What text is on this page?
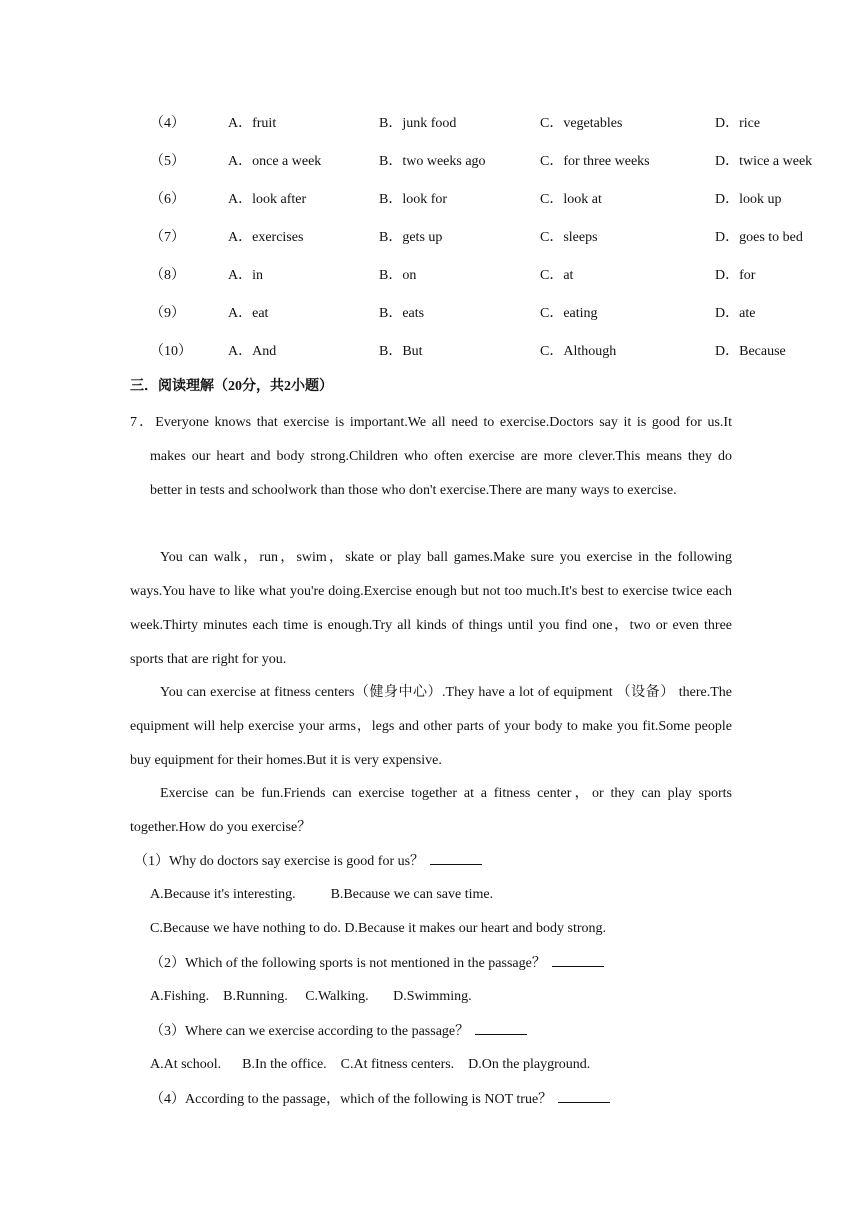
（4）	A．fruit	B．junk food	C．vegetables	D．rice
（5）	A．once a week	B．two weeks ago	C．for three weeks	D．twice a week
（6）	A．look after	B．look for	C．look at	D．look up
（7）	A．exercises	B．gets up	C．sleeps	D．goes to bed
（8）	A．in	B．on	C．at	D．for
（9）	A．eat	B．eats	C．eating	D．ate
（10）	A．And	B．But	C．Although	D．Because
三．阅读理解（20分，共2小题）
7．Everyone knows that exercise is important.We all need to exercise.Doctors say it is good for us.It makes our heart and body strong.Children who often exercise are more clever.This means they do better in tests and schoolwork than those who don't exercise.There are many ways to exercise.
You can walk，run，swim，skate or play ball games.Make sure you exercise in the following ways.You have to like what you're doing.Exercise enough but not too much.It's best to exercise twice each week.Thirty minutes each time is enough.Try all kinds of things until you find one，two or even three sports that are right for you.
You can exercise at fitness centers（健身中心）.They have a lot of equipment （设备） there.The equipment will help exercise your arms，legs and other parts of your body to make you fit.Some people buy equipment for their homes.But it is very expensive.
Exercise can be fun.Friends can exercise together at a fitness center，or they can play sports together.How do you exercise？
（1）Why do doctors say exercise is good for us？
A.Because it's interesting.          B.Because we can save time.
C.Because we have nothing to do. D.Because it makes our heart and body strong.
（2）Which of the following sports is not mentioned in the passage？
A.Fishing.    B.Running.     C.Walking.       D.Swimming.
（3）Where can we exercise according to the passage？
A.At school.      B.In the office.    C.At fitness centers.    D.On the playground.
（4）According to the passage，which of the following is NOT true？
